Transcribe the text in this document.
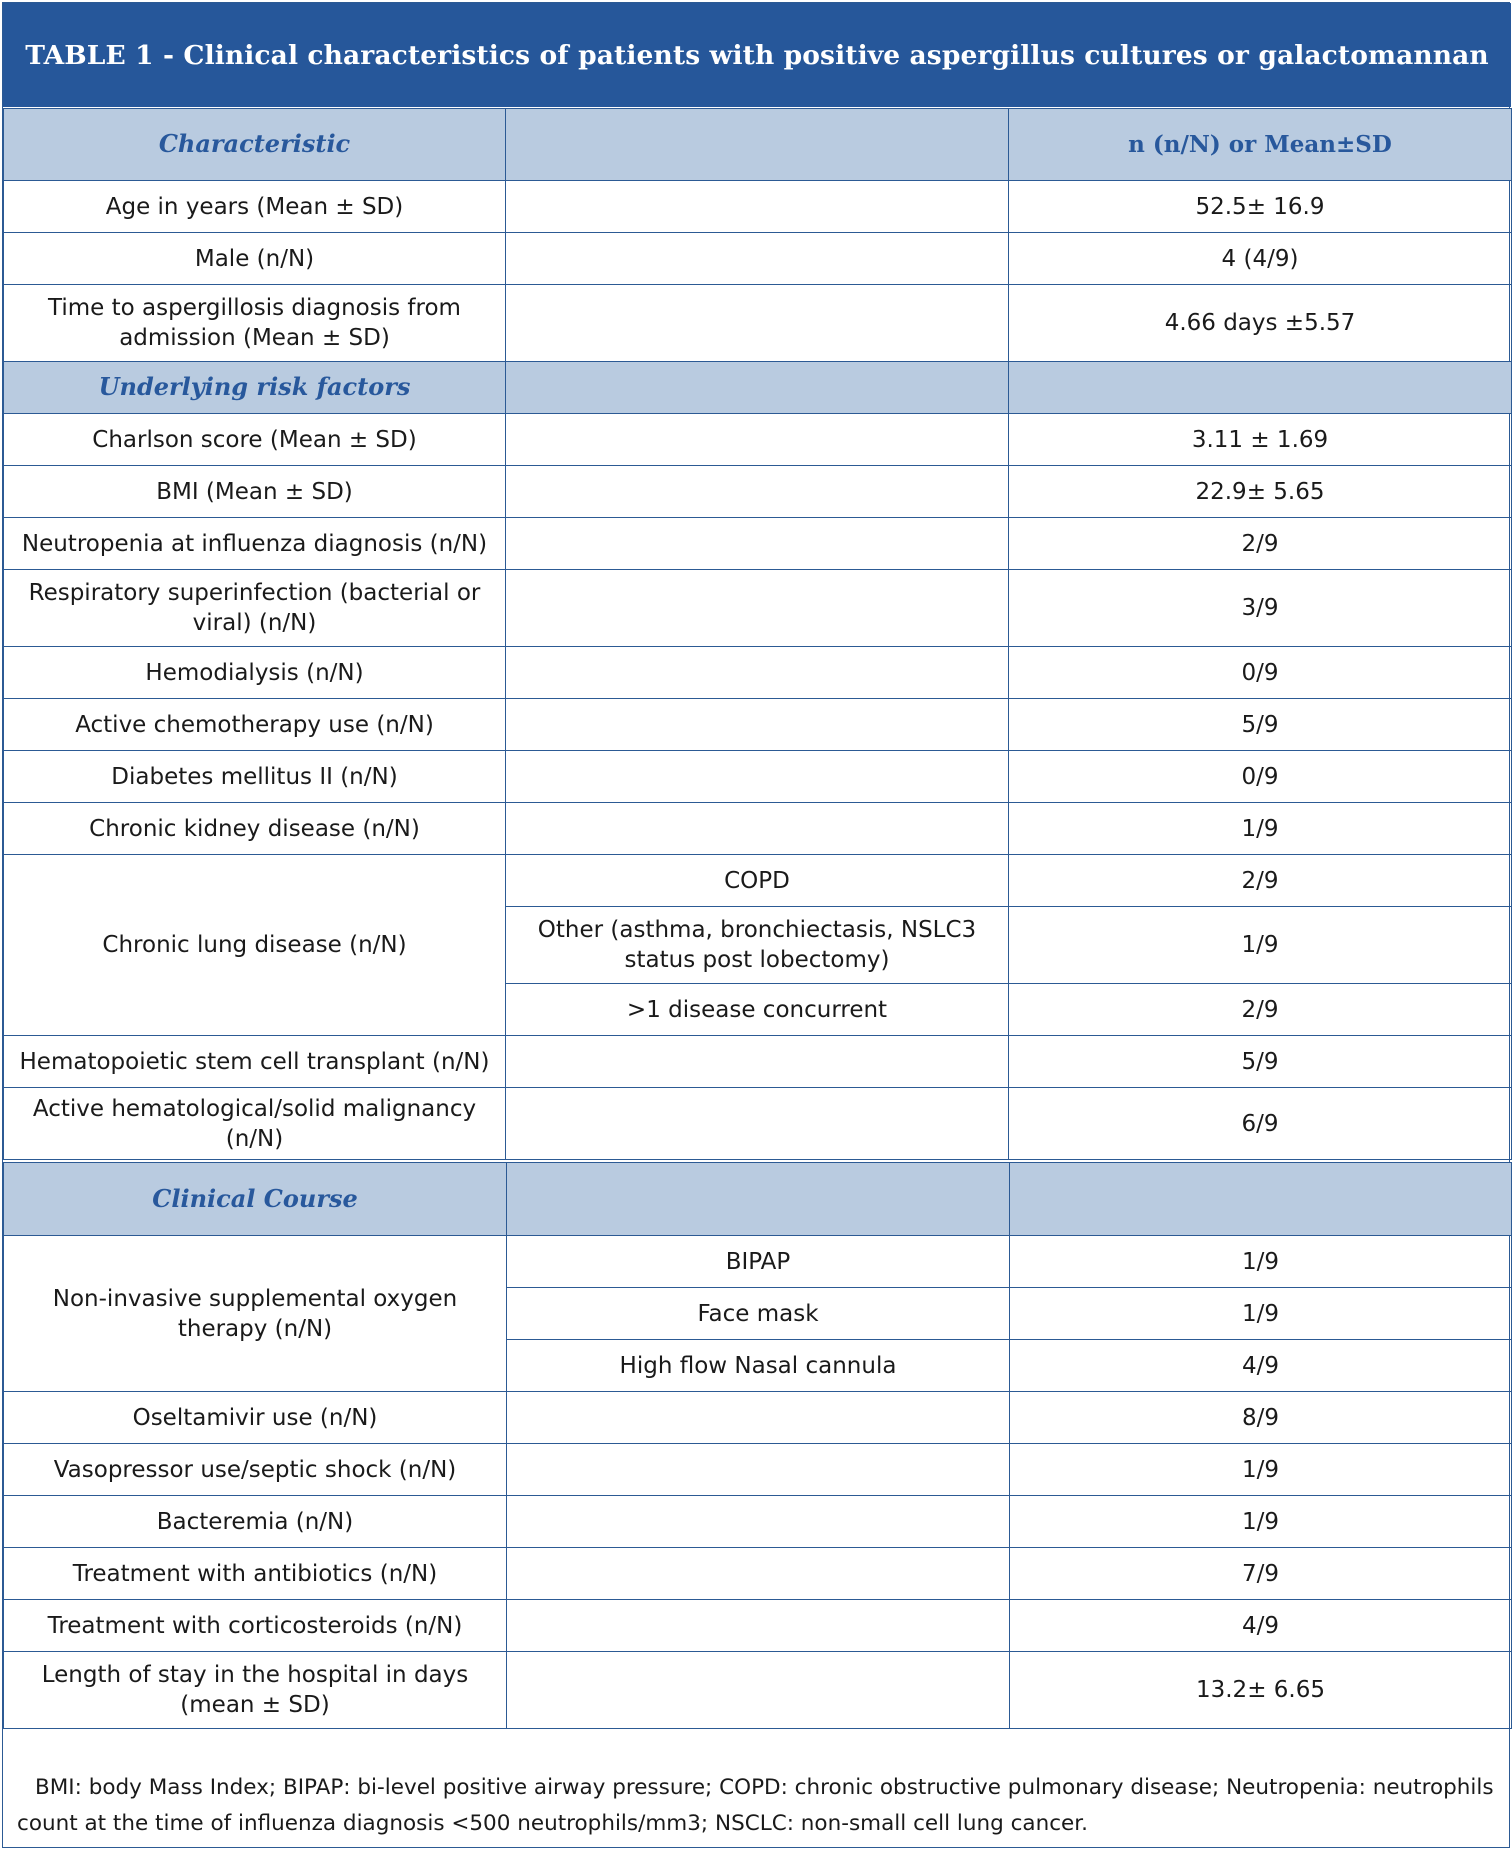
TABLE 1 - Clinical characteristics of patients with positive aspergillus cultures or galactomannan
Characteristic		n (n/N) or Mean±SD
Age in years (Mean ± SD)		52.5± 16.9
Male (n/N)		4 (4/9)
Time to aspergillosis diagnosis from admission (Mean ± SD)		4.66 days ±5.57
Underlying risk factors		
Charlson score (Mean ± SD)		3.11 ± 1.69
BMI (Mean ± SD)		22.9± 5.65
Neutropenia at influenza diagnosis (n/N)		2/9
Respiratory superinfection (bacterial or viral) (n/N)		3/9
Hemodialysis (n/N)		0/9
Active chemotherapy use (n/N)		5/9
Diabetes mellitus II (n/N)		0/9
Chronic kidney disease (n/N)		1/9
Chronic lung disease (n/N)	COPD	2/9
	Other (asthma, bronchiectasis, NSLC3 status post lobectomy)	1/9
	>1 disease concurrent	2/9
Hematopoietic stem cell transplant (n/N)		5/9
Active hematological/solid malignancy (n/N)		6/9
Clinical Course		
Non-invasive supplemental oxygen therapy (n/N)	BIPAP	1/9
	Face mask	1/9
	High flow Nasal cannula	4/9
Oseltamivir use (n/N)		8/9
Vasopressor use/septic shock (n/N)		1/9
Bacteremia (n/N)		1/9
Treatment with antibiotics (n/N)		7/9
Treatment with corticosteroids (n/N)		4/9
Length of stay in the hospital in days (mean ± SD)		13.2± 6.65
BMI: body Mass Index; BIPAP: bi-level positive airway pressure; COPD: chronic obstructive pulmonary disease; Neutropenia: neutrophils count at the time of influenza diagnosis <500 neutrophils/mm3; NSCLC: non-small cell lung cancer.
